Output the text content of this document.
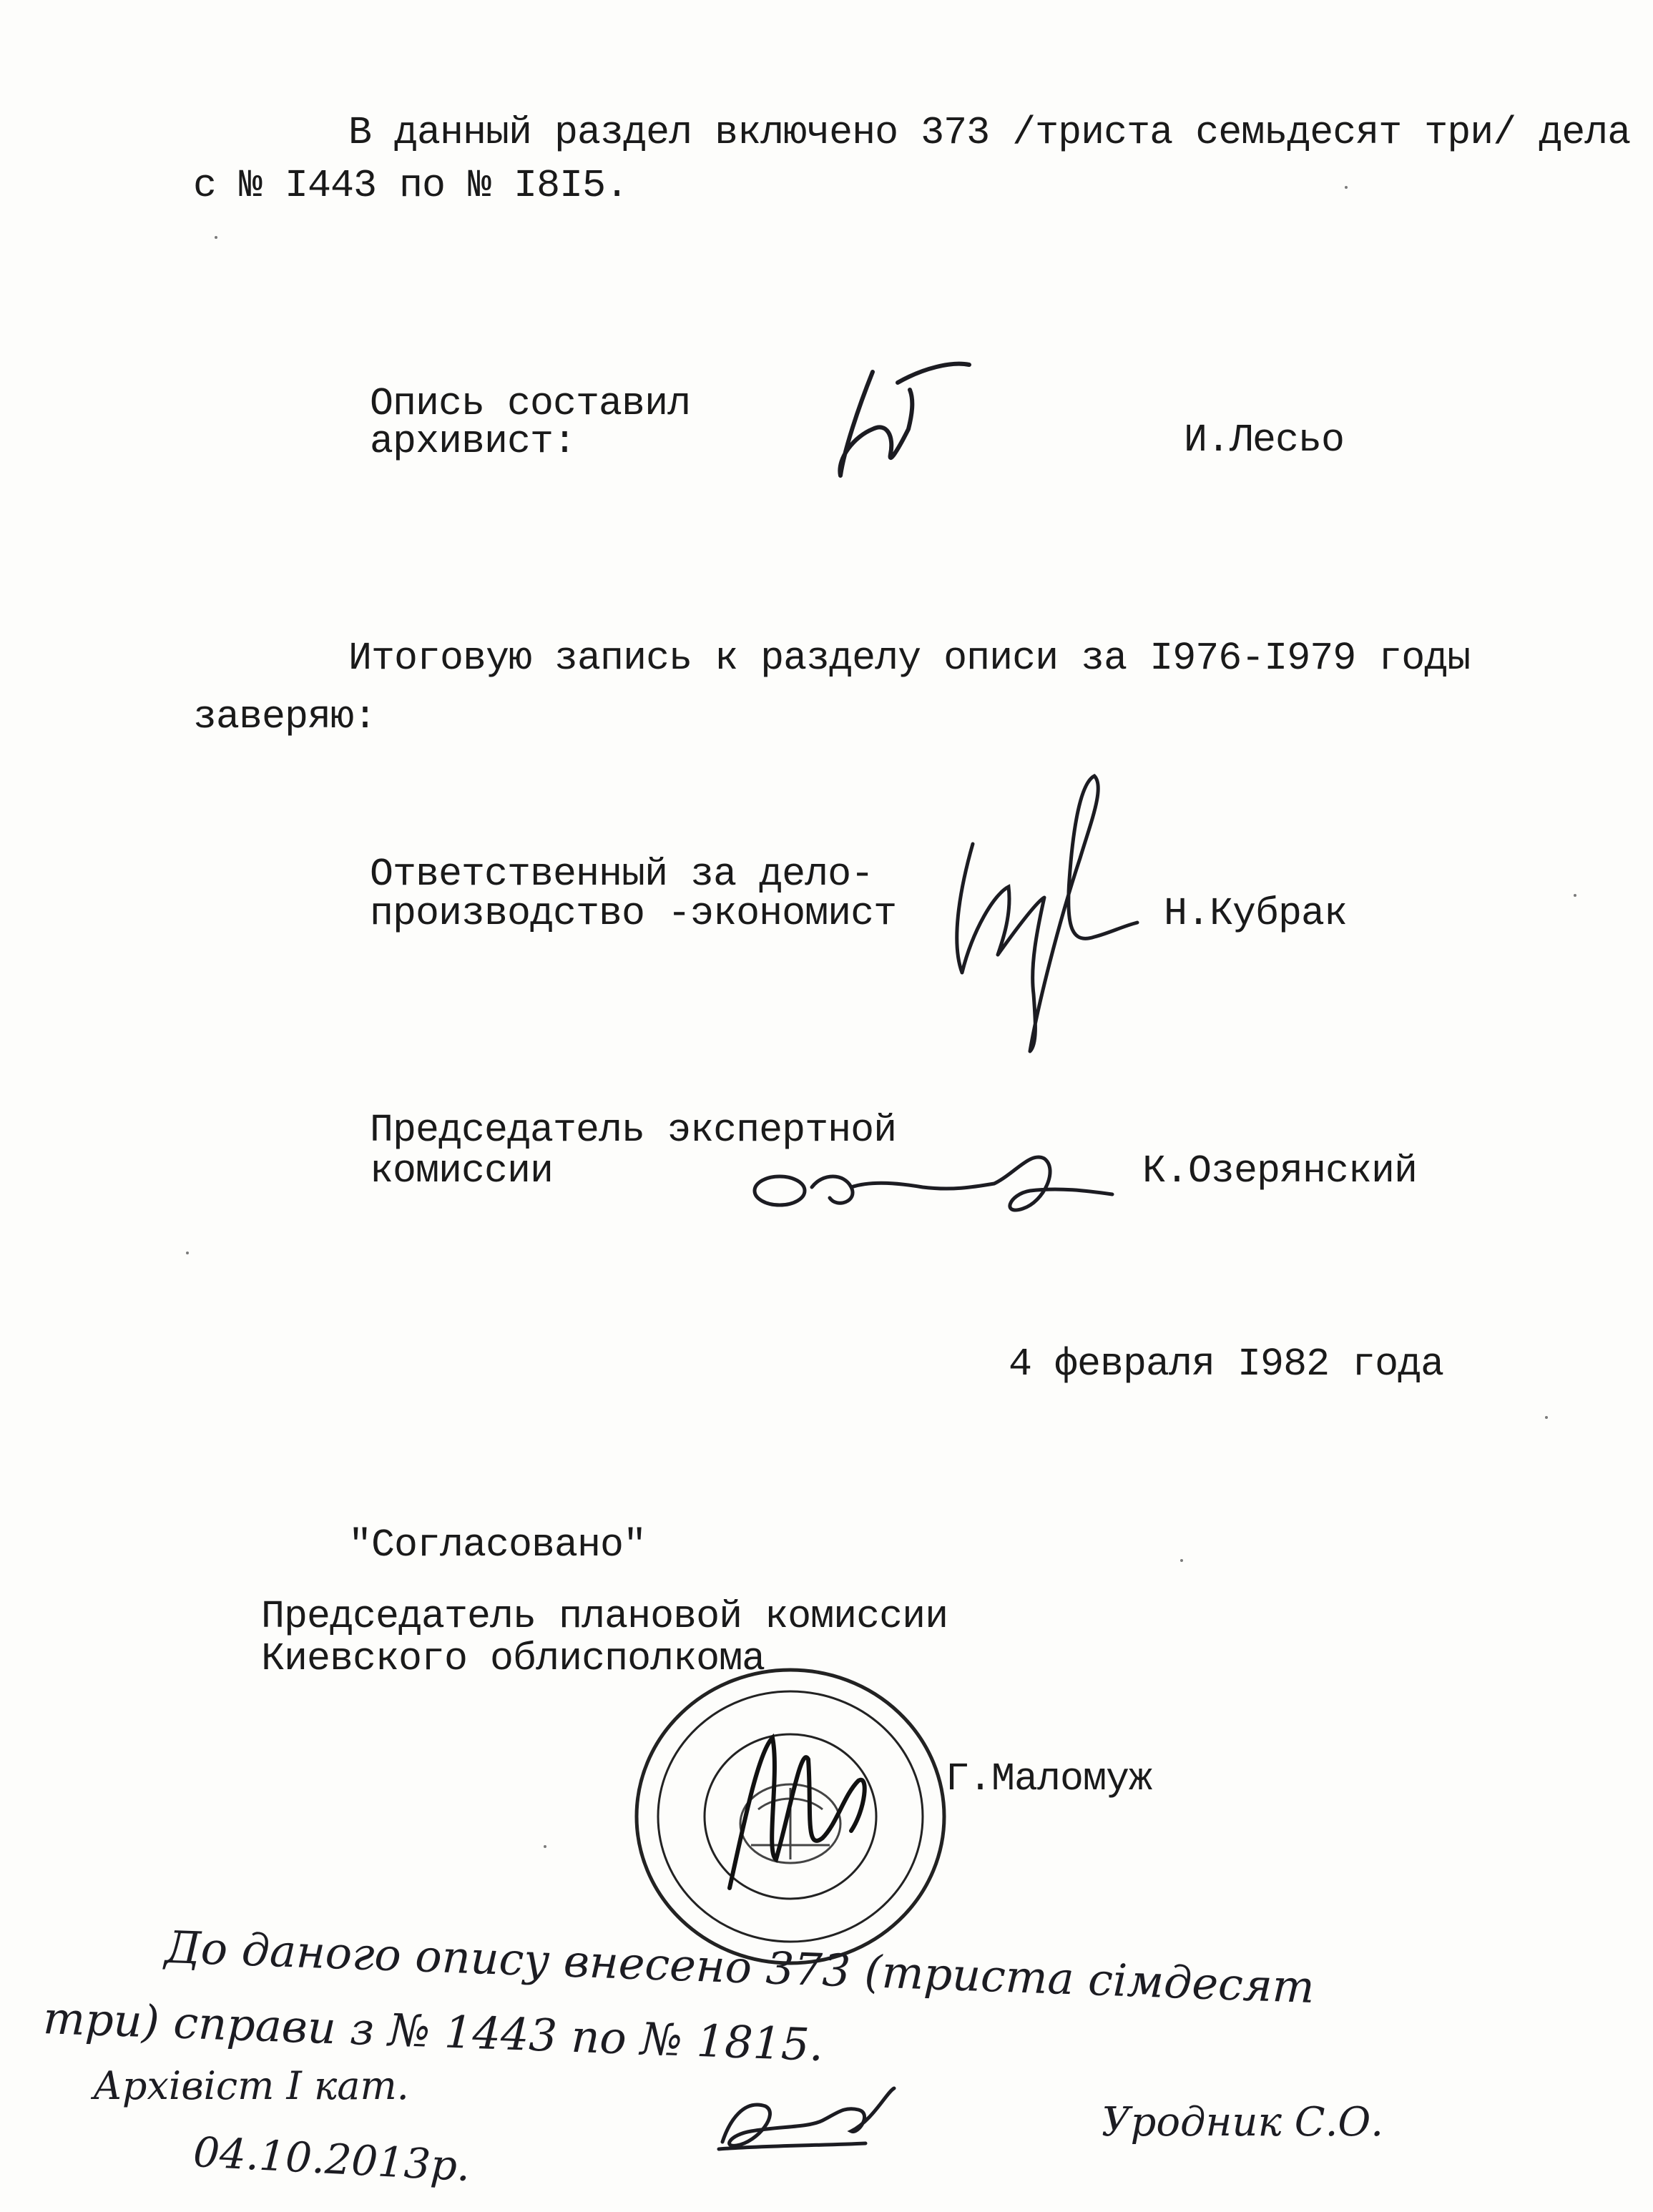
В данный раздел включено 373 /триста семьдесят три/ дела
с № I443 по № I8I5.
Опись составил
архивист:	И.Лесьо
Итоговую запись к разделу описи за I976-I979 годы
заверяю:
Ответственный за дело-
производство -экономист	Н.Кубрак
Председатель экспертной
комиссии	К.Озерянский
4 февраля I982 года
"Согласовано"
Председатель плановой комиссии
Киевского облисполкома
Г.Маломуж
До даного опису внесено 373 (триста сімдесят
три) справи з № 1443 по № 1815.
Архівіст І кат.
04.10.2013р.
Уродник С.О.
